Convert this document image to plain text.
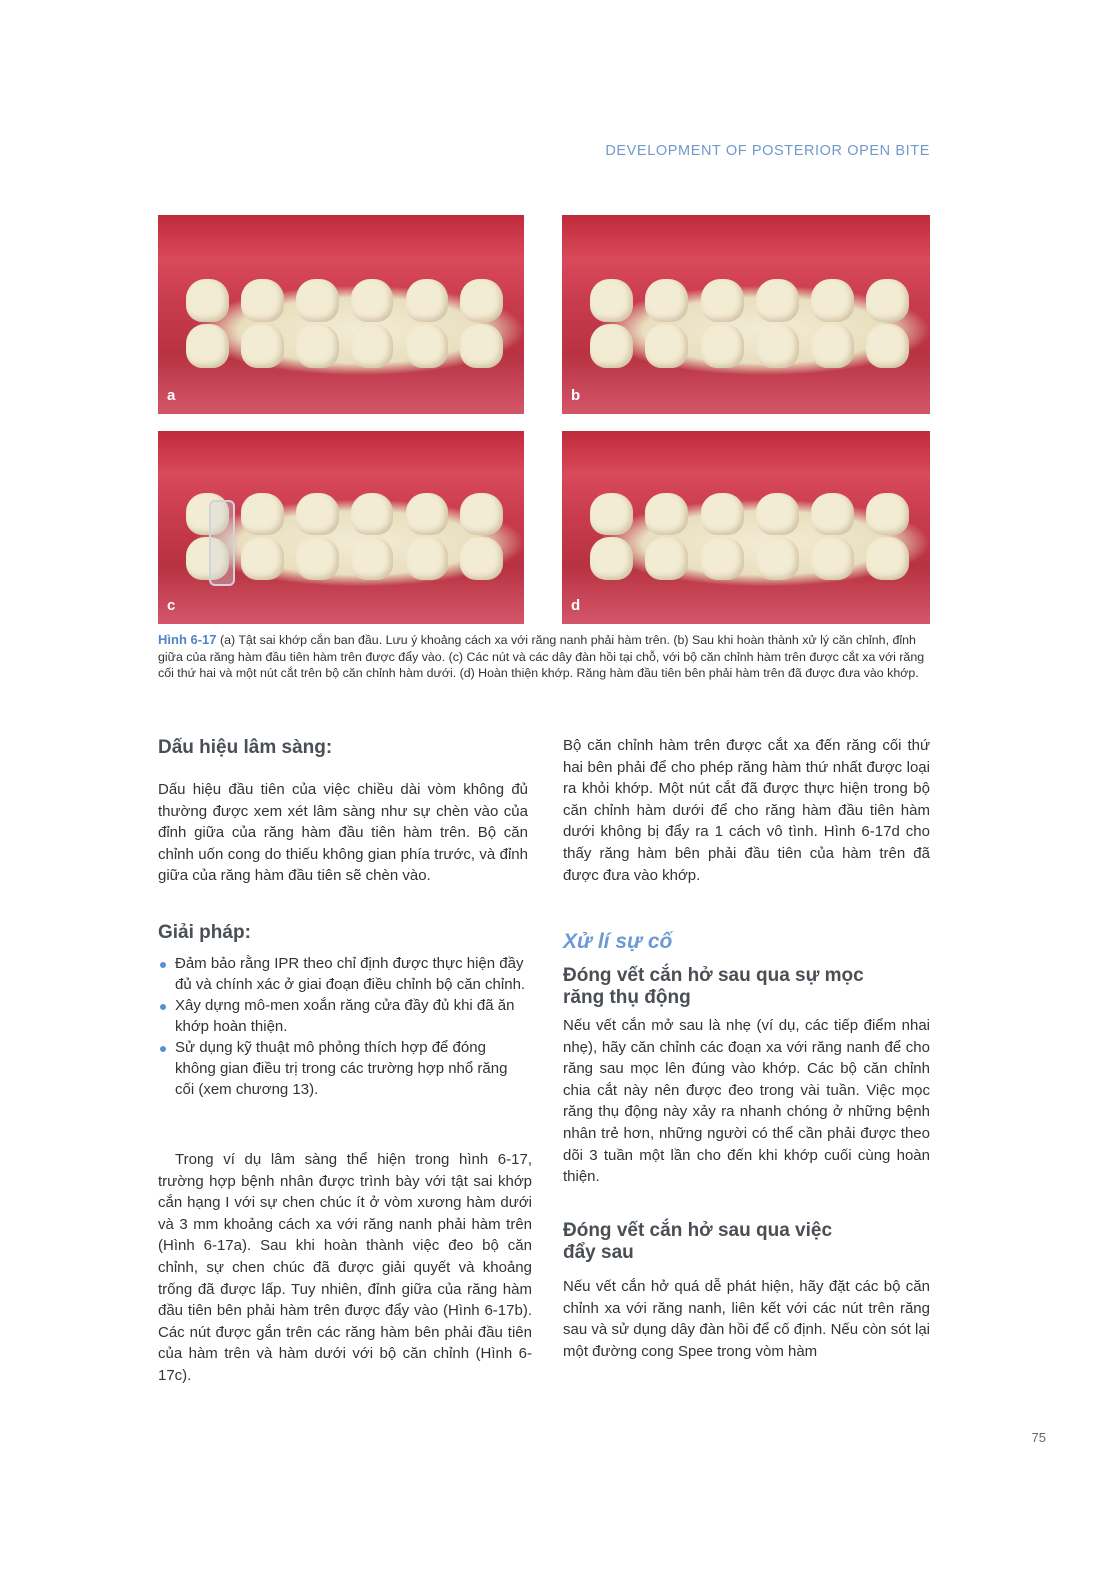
DEVELOPMENT OF POSTERIOR OPEN BITE
a	b
c	d

Hình 6-17 (a) Tật sai khớp cắn ban đầu. Lưu ý khoảng cách xa với răng nanh phải hàm trên. (b) Sau khi hoàn thành xử lý căn chỉnh, đỉnh giữa của răng hàm đầu tiên hàm trên được đẩy vào. (c) Các nút và các dây đàn hồi tại chỗ, với bộ căn chỉnh hàm trên được cắt xa với răng cối thứ hai và một nút cắt trên bộ căn chỉnh hàm dưới. (d) Hoàn thiện khớp. Răng hàm đầu tiên bên phải hàm trên đã được đưa vào khớp.

Dấu hiệu lâm sàng:

Dấu hiệu đầu tiên của việc chiều dài vòm không đủ thường được xem xét lâm sàng như sự chèn vào của đỉnh giữa của răng hàm đầu tiên hàm trên. Bộ căn chỉnh uốn cong do thiếu không gian phía trước, và đỉnh giữa của răng hàm đầu tiên sẽ chèn vào.

Giải pháp:
Đảm bảo rằng IPR theo chỉ định được thực hiện đầy đủ và chính xác ở giai đoạn điều chỉnh bộ căn chỉnh.
Xây dựng mô-men xoắn răng cửa đầy đủ khi đã ăn khớp hoàn thiện.
Sử dụng kỹ thuật mô phỏng thích hợp để đóng không gian điều trị trong các trường hợp nhổ răng cối (xem chương 13).

Trong ví dụ lâm sàng thể hiện trong hình 6-17, trường hợp bệnh nhân được trình bày với tật sai khớp cắn hạng I với sự chen chúc ít ở vòm xương hàm dưới và 3 mm khoảng cách xa với răng nanh phải hàm trên (Hình 6-17a). Sau khi hoàn thành việc đeo bộ căn chỉnh, sự chen chúc đã được giải quyết và khoảng trống đã được lấp. Tuy nhiên, đỉnh giữa của răng hàm đầu tiên bên phải hàm trên được đẩy vào (Hình 6-17b). Các nút được gắn trên các răng hàm bên phải đầu tiên của hàm trên và hàm dưới với bộ căn chỉnh (Hình 6-17c).

Bộ căn chỉnh hàm trên được cắt xa đến răng cối thứ hai bên phải để cho phép răng hàm thứ nhất được loại ra khỏi khớp. Một nút cắt đã được thực hiện trong bộ căn chỉnh hàm dưới để cho răng hàm đầu tiên hàm dưới không bị đẩy ra 1 cách vô tình. Hình 6-17d cho thấy răng hàm bên phải đầu tiên của hàm trên đã được đưa vào khớp.

Xử lí sự cố
Đóng vết cắn hở sau qua sự mọc răng thụ động

Nếu vết cắn mở sau là nhẹ (ví dụ, các tiếp điểm nhai nhẹ), hãy căn chỉnh các đoạn xa với răng nanh để cho răng sau mọc lên đúng vào khớp. Các bộ căn chỉnh chia cắt này nên được đeo trong vài tuần. Việc mọc răng thụ động này xảy ra nhanh chóng ở những bệnh nhân trẻ hơn, những người có thể cần phải được theo dõi 3 tuần một lần cho đến khi khớp cuối cùng hoàn thiện.

Đóng vết cắn hở sau qua việc đẩy sau

Nếu vết cắn hở quá dễ phát hiện, hãy đặt các bộ căn chỉnh xa với răng nanh, liên kết với các nút trên răng sau và sử dụng dây đàn hồi để cố định. Nếu còn sót lại một đường cong Spee trong vòm hàm

75
